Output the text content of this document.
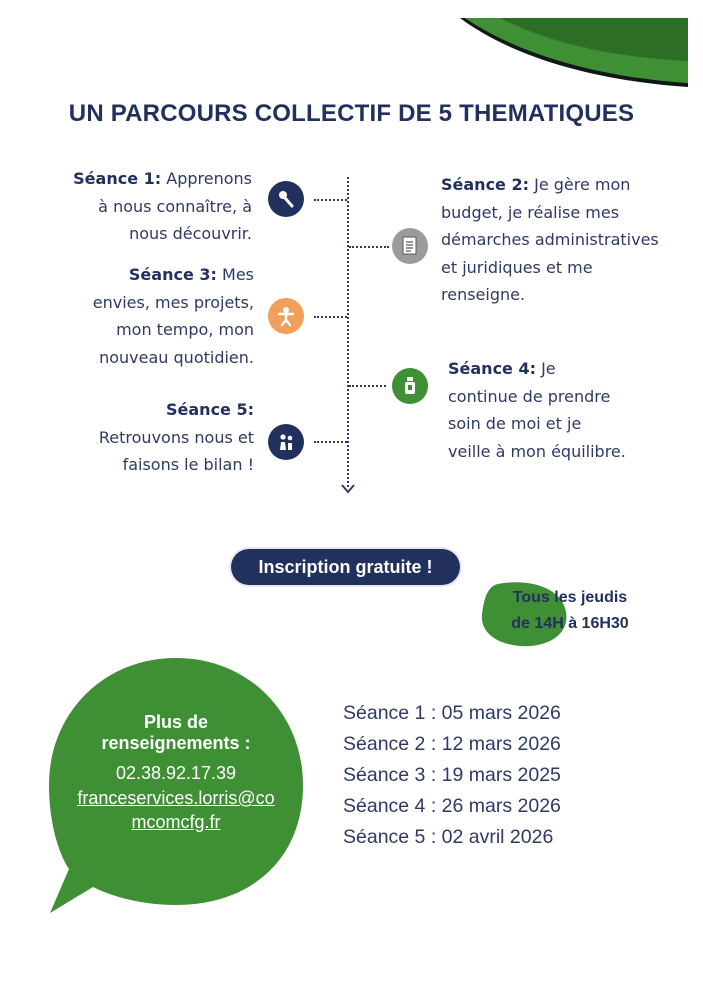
UN PARCOURS COLLECTIF DE 5 THEMATIQUES
Séance 1: Apprenons
à nous connaître, à
nous découvrir.
Séance 2: Je gère mon
budget, je réalise mes
démarches administratives
et juridiques et me
renseigne.
Séance 3: Mes
envies, mes projets,
mon tempo, mon
nouveau quotidien.
Séance 4: Je
continue de prendre
soin de moi et je
veille à mon équilibre.
Séance 5:
Retrouvons nous et
faisons le bilan !
Inscription gratuite !
Tous les jeudis
de 14H à 16H30
Plus de
renseignements :
02.38.92.17.39
franceservices.lorris@co
mcomcfg.fr
Séance 1 : 05 mars 2026
Séance 2 : 12 mars 2026
Séance 3 : 19 mars 2025
Séance 4 : 26 mars 2026
Séance 5 : 02 avril 2026
